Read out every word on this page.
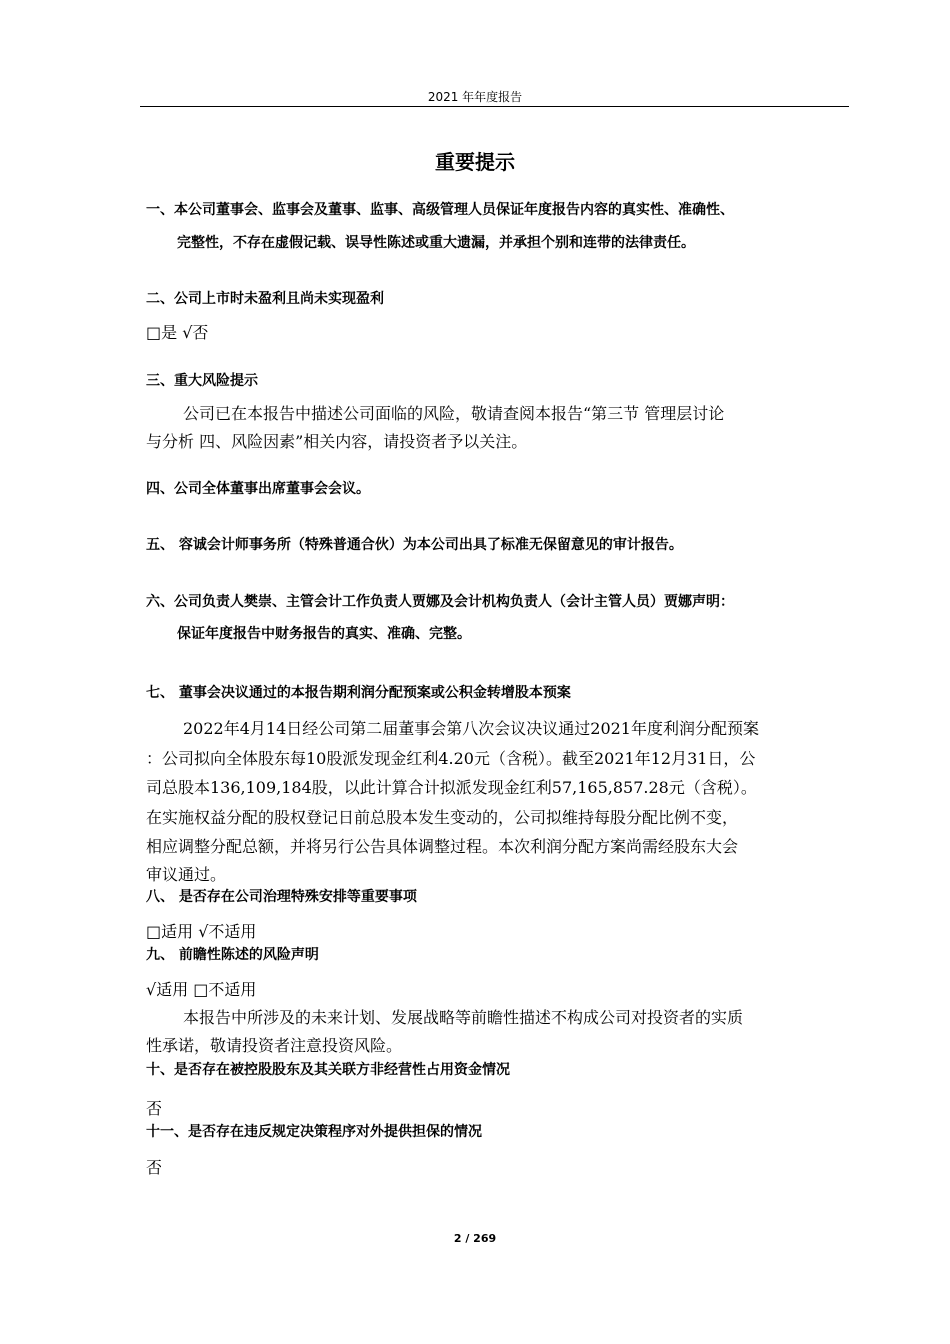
2021 年年度报告
重要提示
一、本公司董事会、监事会及董事、监事、高级管理人员保证年度报告内容的真实性、准确性、
完整性，不存在虚假记载、误导性陈述或重大遗漏，并承担个别和连带的法律责任。
二、公司上市时未盈利且尚未实现盈利
□是 √否
三、重大风险提示
公司已在本报告中描述公司面临的风险，敬请查阅本报告“第三节 管理层讨论
与分析 四、风险因素”相关内容，请投资者予以关注。
四、公司全体董事出席董事会会议。
五、 容诚会计师事务所（特殊普通合伙）为本公司出具了标准无保留意见的审计报告。
六、公司负责人樊崇、主管会计工作负责人贾娜及会计机构负责人（会计主管人员）贾娜声明：
保证年度报告中财务报告的真实、准确、完整。
七、 董事会决议通过的本报告期利润分配预案或公积金转增股本预案
2022年4月14日经公司第二届董事会第八次会议决议通过2021年度利润分配预案
：公司拟向全体股东每10股派发现金红利4.20元（含税）。截至2021年12月31日，公
司总股本136,109,184股，以此计算合计拟派发现金红利57,165,857.28元（含税）。
在实施权益分配的股权登记日前总股本发生变动的，公司拟维持每股分配比例不变，
相应调整分配总额，并将另行公告具体调整过程。本次利润分配方案尚需经股东大会
审议通过。
八、 是否存在公司治理特殊安排等重要事项
□适用 √不适用
九、 前瞻性陈述的风险声明
√适用 □不适用
本报告中所涉及的未来计划、发展战略等前瞻性描述不构成公司对投资者的实质
性承诺，敬请投资者注意投资风险。
十、是否存在被控股股东及其关联方非经营性占用资金情况
否
十一、是否存在违反规定决策程序对外提供担保的情况
否
2 / 269
